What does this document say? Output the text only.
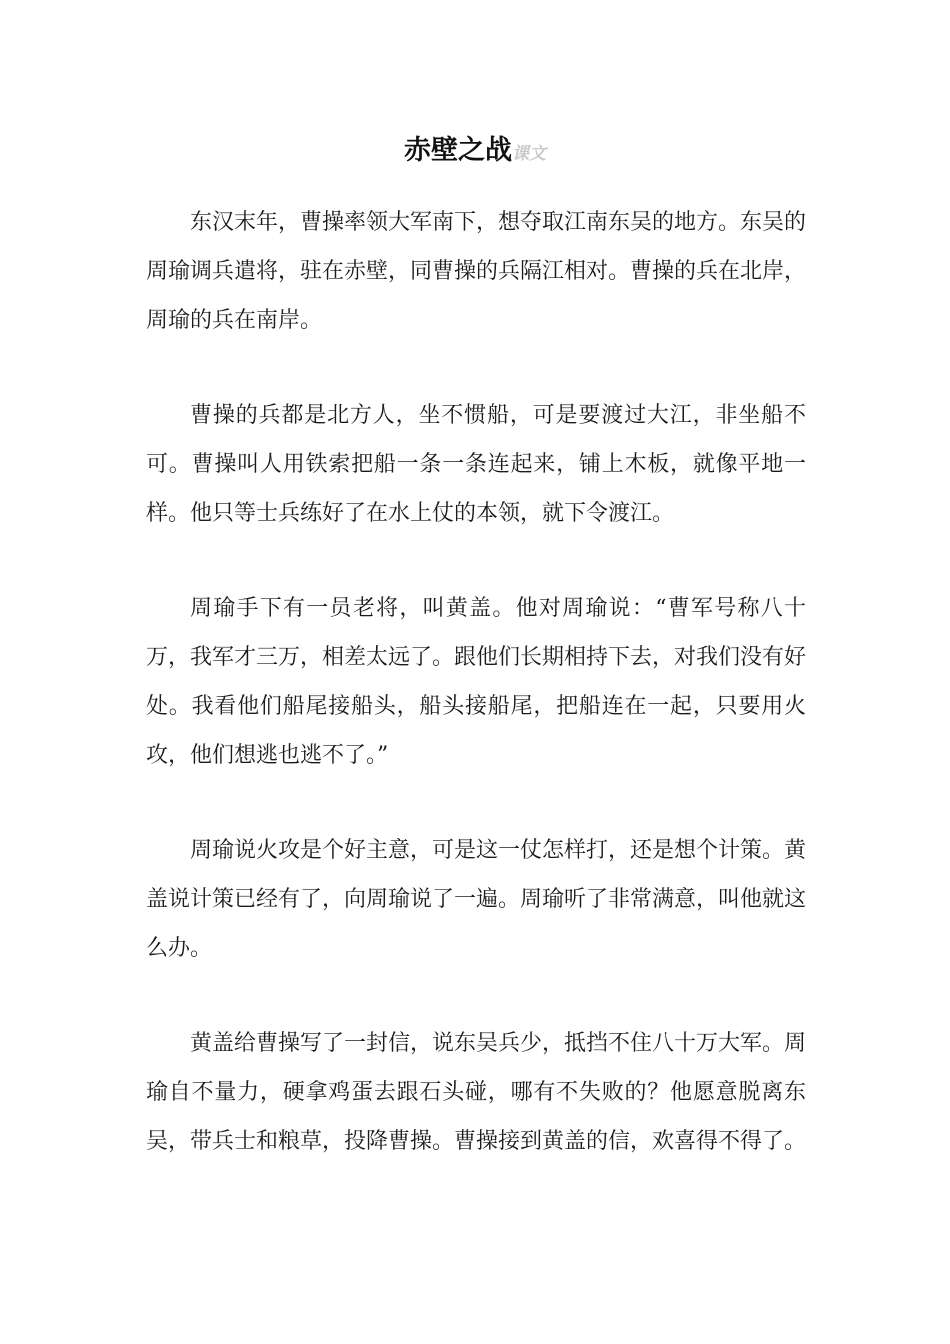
赤壁之战课文

东汉末年，曹操率领大军南下，想夺取江南东吴的地方。东吴的周瑜调兵遣将，驻在赤壁，同曹操的兵隔江相对。曹操的兵在北岸，周瑜的兵在南岸。

曹操的兵都是北方人，坐不惯船，可是要渡过大江，非坐船不可。曹操叫人用铁索把船一条一条连起来，铺上木板，就像平地一样。他只等士兵练好了在水上仗的本领，就下令渡江。

周瑜手下有一员老将，叫黄盖。他对周瑜说：“曹军号称八十万，我军才三万，相差太远了。跟他们长期相持下去，对我们没有好处。我看他们船尾接船头，船头接船尾，把船连在一起，只要用火攻，他们想逃也逃不了。”

周瑜说火攻是个好主意，可是这一仗怎样打，还是想个计策。黄盖说计策已经有了，向周瑜说了一遍。周瑜听了非常满意，叫他就这么办。

黄盖给曹操写了一封信，说东吴兵少，抵挡不住八十万大军。周瑜自不量力，硬拿鸡蛋去跟石头碰，哪有不失败的？他愿意脱离东吴，带兵士和粮草，投降曹操。曹操接到黄盖的信，欢喜得不得了。
